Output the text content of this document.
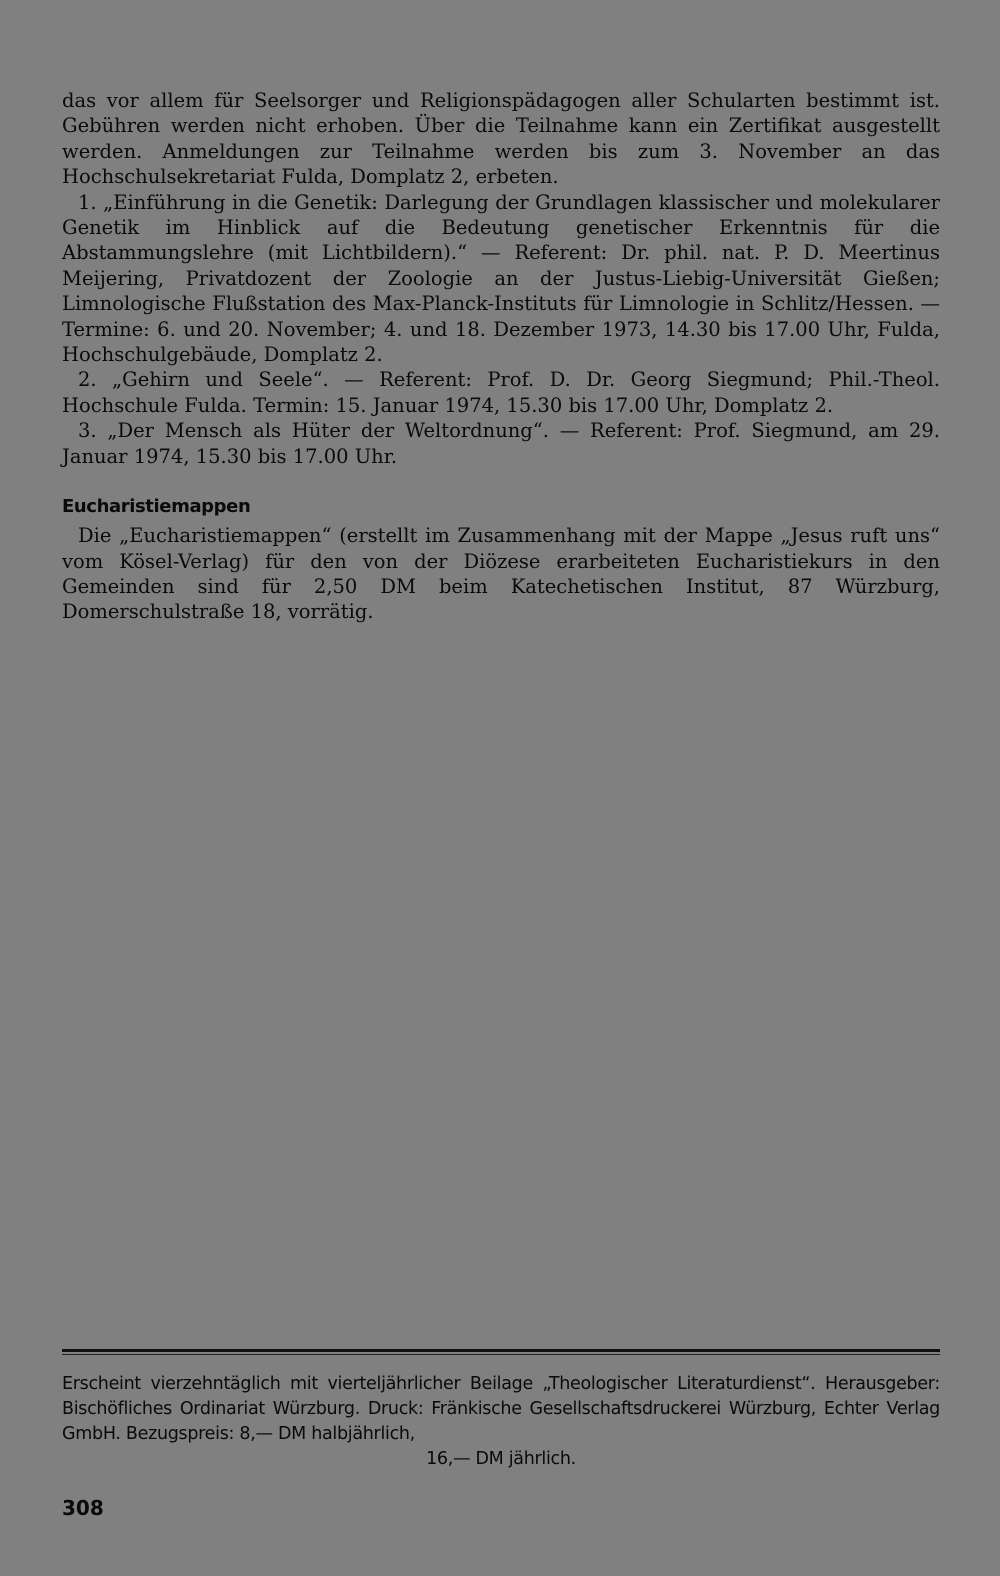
das vor allem für Seelsorger und Religionspädagogen aller Schularten bestimmt ist. Gebühren werden nicht erhoben. Über die Teilnahme kann ein Zertifikat ausgestellt werden. Anmeldungen zur Teilnahme werden bis zum 3. November an das Hochschulsekretariat Fulda, Domplatz 2, erbeten.

1. „Einführung in die Genetik: Darlegung der Grundlagen klassischer und molekularer Genetik im Hinblick auf die Bedeutung genetischer Erkenntnis für die Abstammungslehre (mit Lichtbildern).“ — Referent: Dr. phil. nat. P. D. Meertinus Meijering, Privatdozent der Zoologie an der Justus-Liebig-Universität Gießen; Limnologische Flußstation des Max-Planck-Instituts für Limnologie in Schlitz/Hessen. — Termine: 6. und 20. November; 4. und 18. Dezember 1973, 14.30 bis 17.00 Uhr, Fulda, Hochschulgebäude, Domplatz 2.

2. „Gehirn und Seele“. — Referent: Prof. D. Dr. Georg Siegmund; Phil.-Theol. Hochschule Fulda. Termin: 15. Januar 1974, 15.30 bis 17.00 Uhr, Domplatz 2.

3. „Der Mensch als Hüter der Weltordnung“. — Referent: Prof. Siegmund, am 29. Januar 1974, 15.30 bis 17.00 Uhr.

Eucharistiemappen

Die „Eucharistiemappen“ (erstellt im Zusammenhang mit der Mappe „Jesus ruft uns“ vom Kösel-Verlag) für den von der Diözese erarbeiteten Eucharistiekurs in den Gemeinden sind für 2,50 DM beim Katechetischen Institut, 87 Würzburg, Domerschulstraße 18, vorrätig.

Erscheint vierzehntäglich mit vierteljährlicher Beilage „Theologischer Literaturdienst“. Herausgeber: Bischöfliches Ordinariat Würzburg. Druck: Fränkische Gesellschaftsdruckerei Würzburg, Echter Verlag GmbH. Bezugspreis: 8,— DM halbjährlich,
16,— DM jährlich.
308
